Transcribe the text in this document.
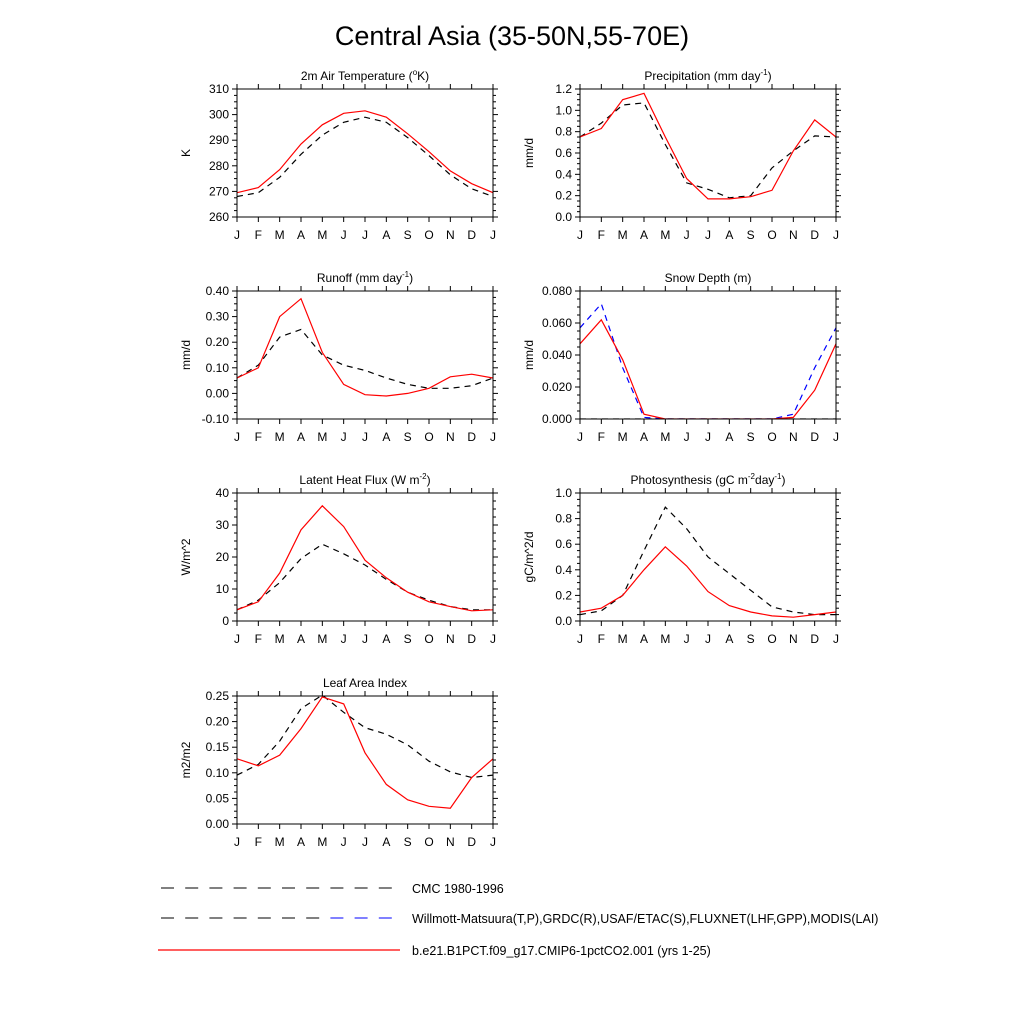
Central Asia (35-50N,55-70E)
2m Air Temperature ($^o$K)
260
270
280
290
300
310
J F M A M J J A S O N D J
K
Precipitation (mm day$^{-1}$)
0.0
0.2
0.4
0.6
0.8
1.0
1.2
J F M A M J J A S O N D J
mm/d
Runoff (mm day$^{-1}$)
-0.10
0.00
0.10
0.20
0.30
0.40
J F M A M J J A S O N D J
mm/d
Snow Depth (m)
0.000
0.020
0.040
0.060
0.080
J F M A M J J A S O N D J
mm/d
Latent Heat Flux (W $m^{-2}$)
0
10
20
30
40
J F M A M J J A S O N D J
W/m^2
Photosynthesis (gC $m^{-2}day^{-1}$)
0.0
0.2
0.4
0.6
0.8
1.0
J F M A M J J A S O N D J
gC/m^2/d
Leaf Area Index
0.00
0.05
0.10
0.15
0.20
0.25
J F M A M J J A S O N D J
m2/m2
CMC 1980-1996
Willmott-Matsuura(T,P),GRDC(R),USAF/ETAC(S),FLUXNET(LHF,GPP),MODIS(LAI)
b.e21.B1PCT.f09_g17.CMIP6-1pctCO2.001 (yrs 1-25)
